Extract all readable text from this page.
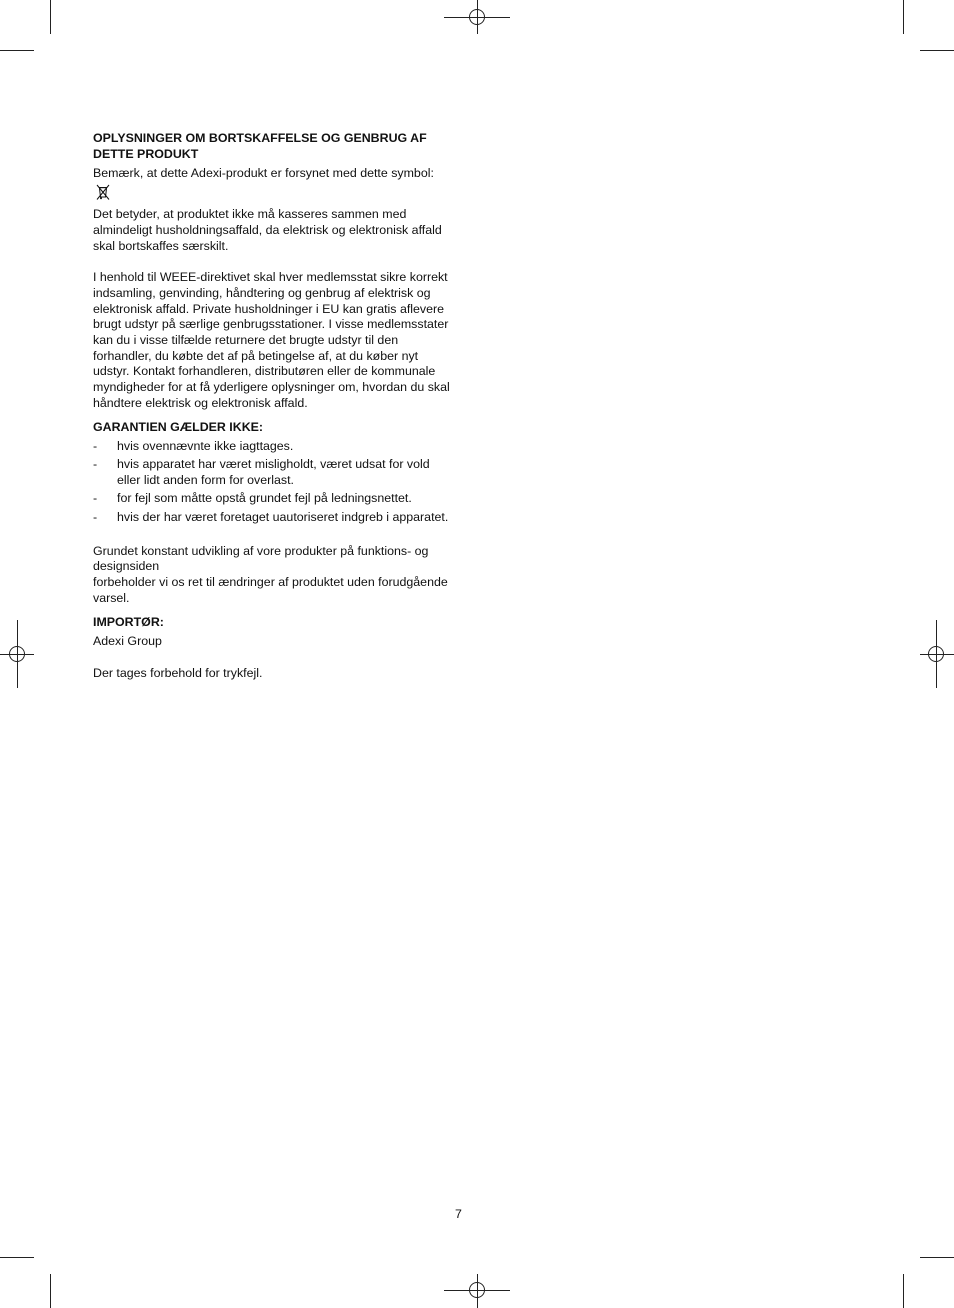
OPLYSNINGER OM BORTSKAFFELSE OG GENBRUG AF DETTE PRODUKT

Bemærk, at dette Adexi-produkt er forsynet med dette symbol:

Det betyder, at produktet ikke må kasseres sammen med almindeligt husholdningsaffald, da elektrisk og elektronisk affald skal bortskaffes særskilt.

I henhold til WEEE-direktivet skal hver medlemsstat sikre korrekt indsamling, genvinding, håndtering og genbrug af elektrisk og elektronisk affald. Private husholdninger i EU kan gratis aflevere brugt udstyr på særlige genbrugsstationer. I visse medlemsstater kan du i visse tilfælde returnere det brugte udstyr til den forhandler, du købte det af på betingelse af, at du køber nyt udstyr. Kontakt forhandleren, distributøren eller de kommunale myndigheder for at få yderligere oplysninger om, hvordan du skal håndtere elektrisk og elektronisk affald.

GARANTIEN GÆLDER IKKE:

-	hvis ovennævnte ikke iagttages.
-	hvis apparatet har været misligholdt, været udsat for vold eller lidt anden form for overlast.
-	for fejl som måtte opstå grundet fejl på ledningsnettet.
-	hvis der har været foretaget uautoriseret indgreb i apparatet.

Grundet konstant udvikling af vore produkter på funktions- og designsiden

forbeholder vi os ret til ændringer af produktet uden forudgående varsel.

IMPORTØR:

Adexi Group

Der tages forbehold for trykfejl.

7
